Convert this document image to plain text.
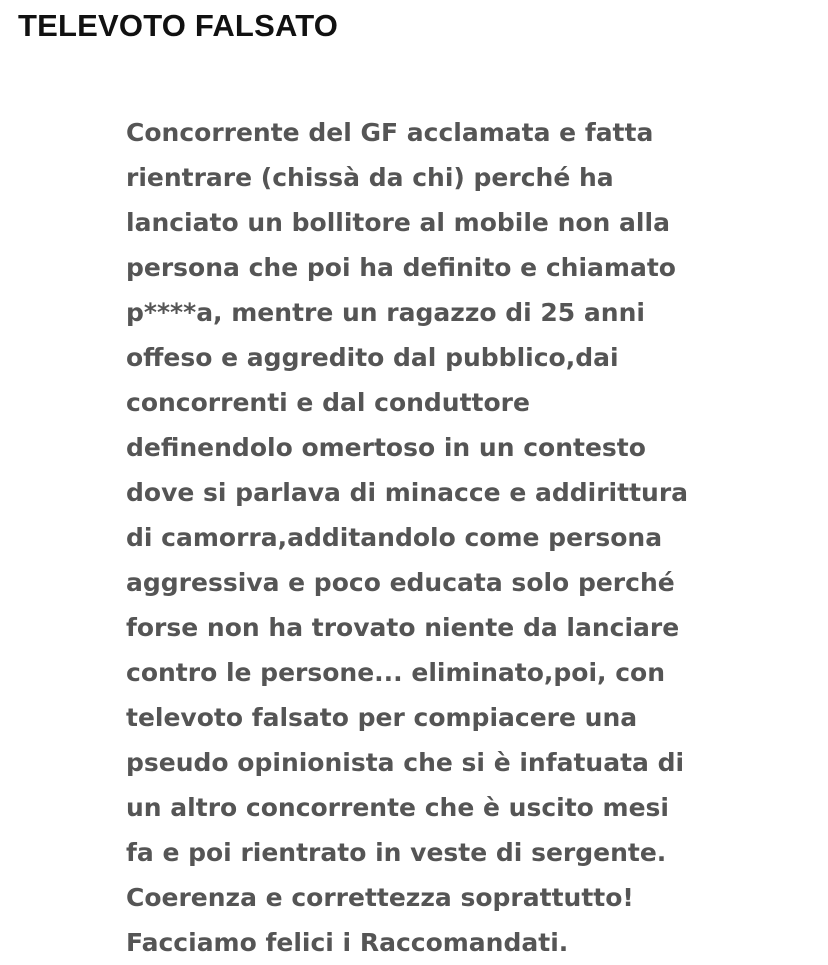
TELEVOTO FALSATO
Concorrente del GF acclamata e fatta
rientrare (chissà da chi) perché ha
lanciato un bollitore al mobile non alla
persona che poi ha definito e chiamato
p****a, mentre un ragazzo di 25 anni
offeso e aggredito dal pubblico,dai
concorrenti e dal conduttore
definendolo omertoso in un contesto
dove si parlava di minacce e addirittura
di camorra,additandolo come persona
aggressiva e poco educata solo perché
forse non ha trovato niente da lanciare
contro le persone... eliminato,poi, con
televoto falsato per compiacere una
pseudo opinionista che si è infatuata di
un altro concorrente che è uscito mesi
fa e poi rientrato in veste di sergente.
Coerenza e correttezza soprattutto!
Facciamo felici i Raccomandati.
